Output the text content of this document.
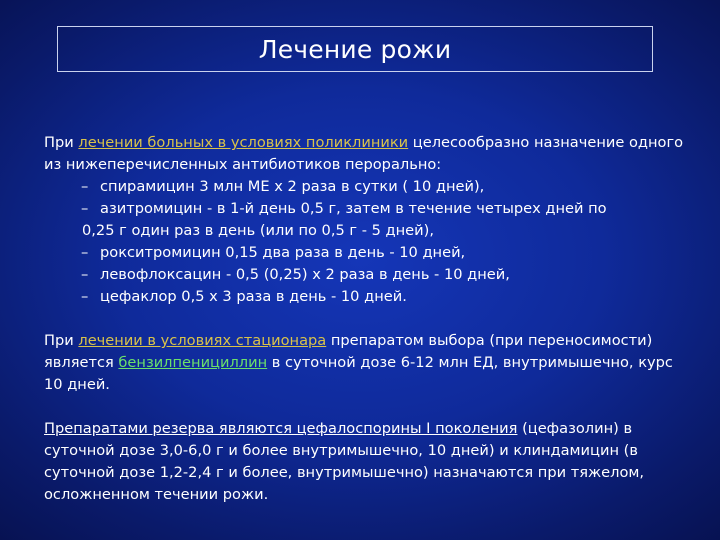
Лечение рожи

При лечении больных в условиях поликлиники целесообразно назначение одного из нижеперечисленных антибиотиков перорально:

– спирамицин 3 млн МЕ х 2 раза в сутки ( 10 дней),
– азитромицин - в 1-й день 0,5 г, затем в течение четырех дней по
0,25 г один раз в день (или по 0,5 г - 5 дней),
– рокситромицин 0,15 два раза в день - 10 дней,
– левофлоксацин - 0,5 (0,25) х 2 раза в день - 10 дней,
– цефаклор 0,5 х 3 раза в день - 10 дней.

При лечении в условиях стационара препаратом выбора (при переносимости) является бензилпенициллин в суточной дозе 6-12 млн ЕД, внутримышечно, курс 10 дней.

Препаратами резерва являются цефалоспорины I поколения (цефазолин) в суточной дозе 3,0-6,0 г и более внутримышечно, 10 дней) и клиндамицин (в суточной дозе 1,2-2,4 г и более, внутримышечно) назначаются при тяжелом, осложненном течении рожи.
